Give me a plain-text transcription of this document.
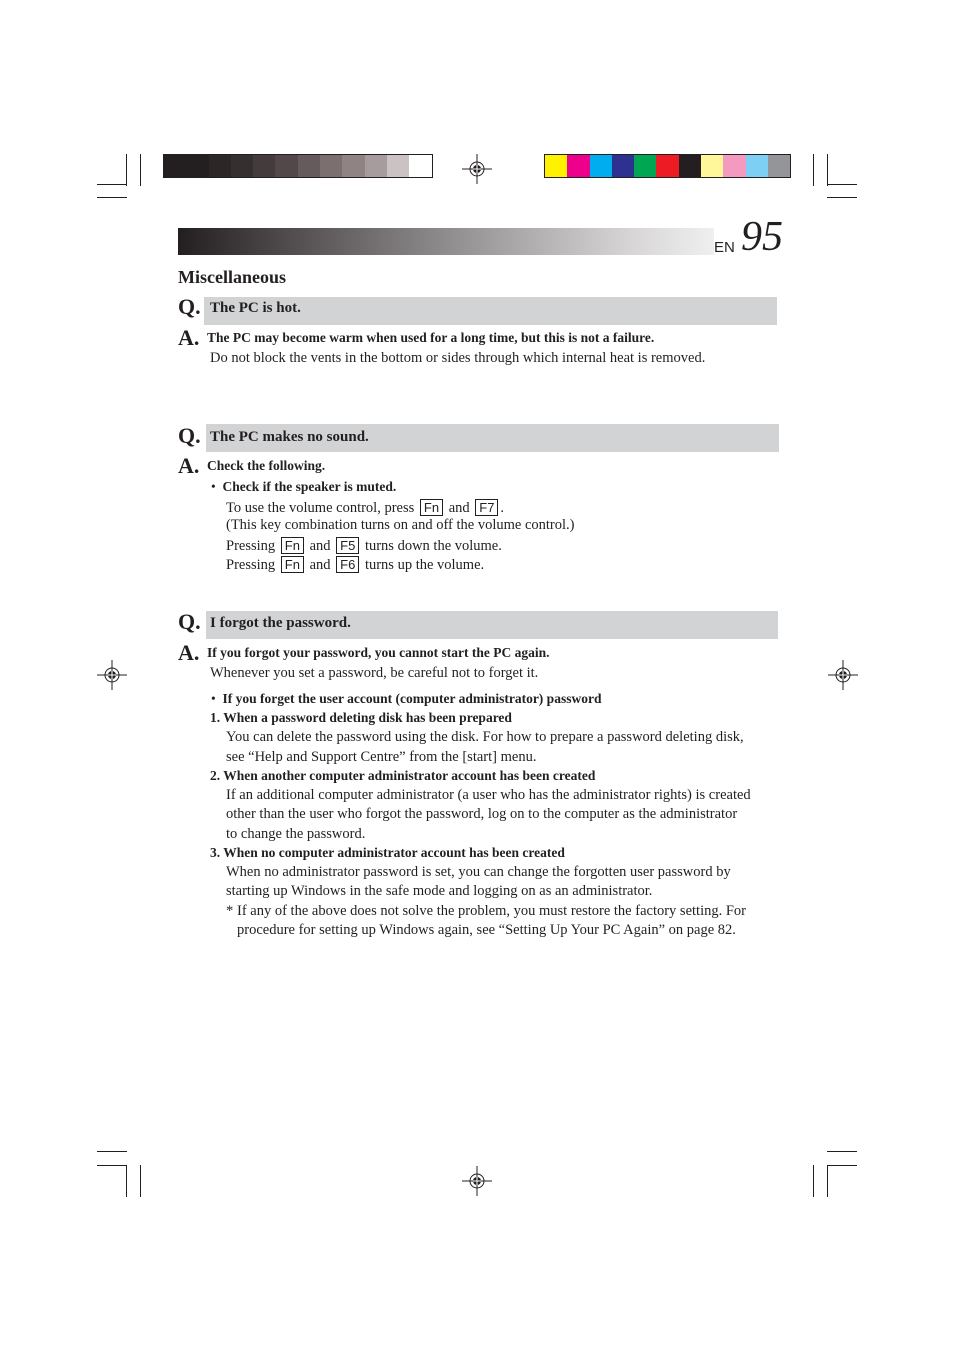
EN 95
Miscellaneous
Q. The PC is hot.
A. The PC may become warm when used for a long time, but this is not a failure.
Do not block the vents in the bottom or sides through which internal heat is removed.
Q. The PC makes no sound.
A. Check the following.
• Check if the speaker is muted.
To use the volume control, press Fn and F7 .
(This key combination turns on and off the volume control.)
Pressing Fn and F5 turns down the volume.
Pressing Fn and F6 turns up the volume.
Q. I forgot the password.
A. If you forgot your password, you cannot start the PC again.
Whenever you set a password, be careful not to forget it.
• If you forget the user account (computer administrator) password
1. When a password deleting disk has been prepared
You can delete the password using the disk. For how to prepare a password deleting disk,
see “Help and Support Centre” from the [start] menu.
2. When another computer administrator account has been created
If an additional computer administrator (a user who has the administrator rights) is created
other than the user who forgot the password, log on to the computer as the administrator
to change the password.
3. When no computer administrator account has been created
When no administrator password is set, you can change the forgotten user password by
starting up Windows in the safe mode and logging on as an administrator.
* If any of the above does not solve the problem, you must restore the factory setting. For
procedure for setting up Windows again, see “Setting Up Your PC Again” on page 82.
